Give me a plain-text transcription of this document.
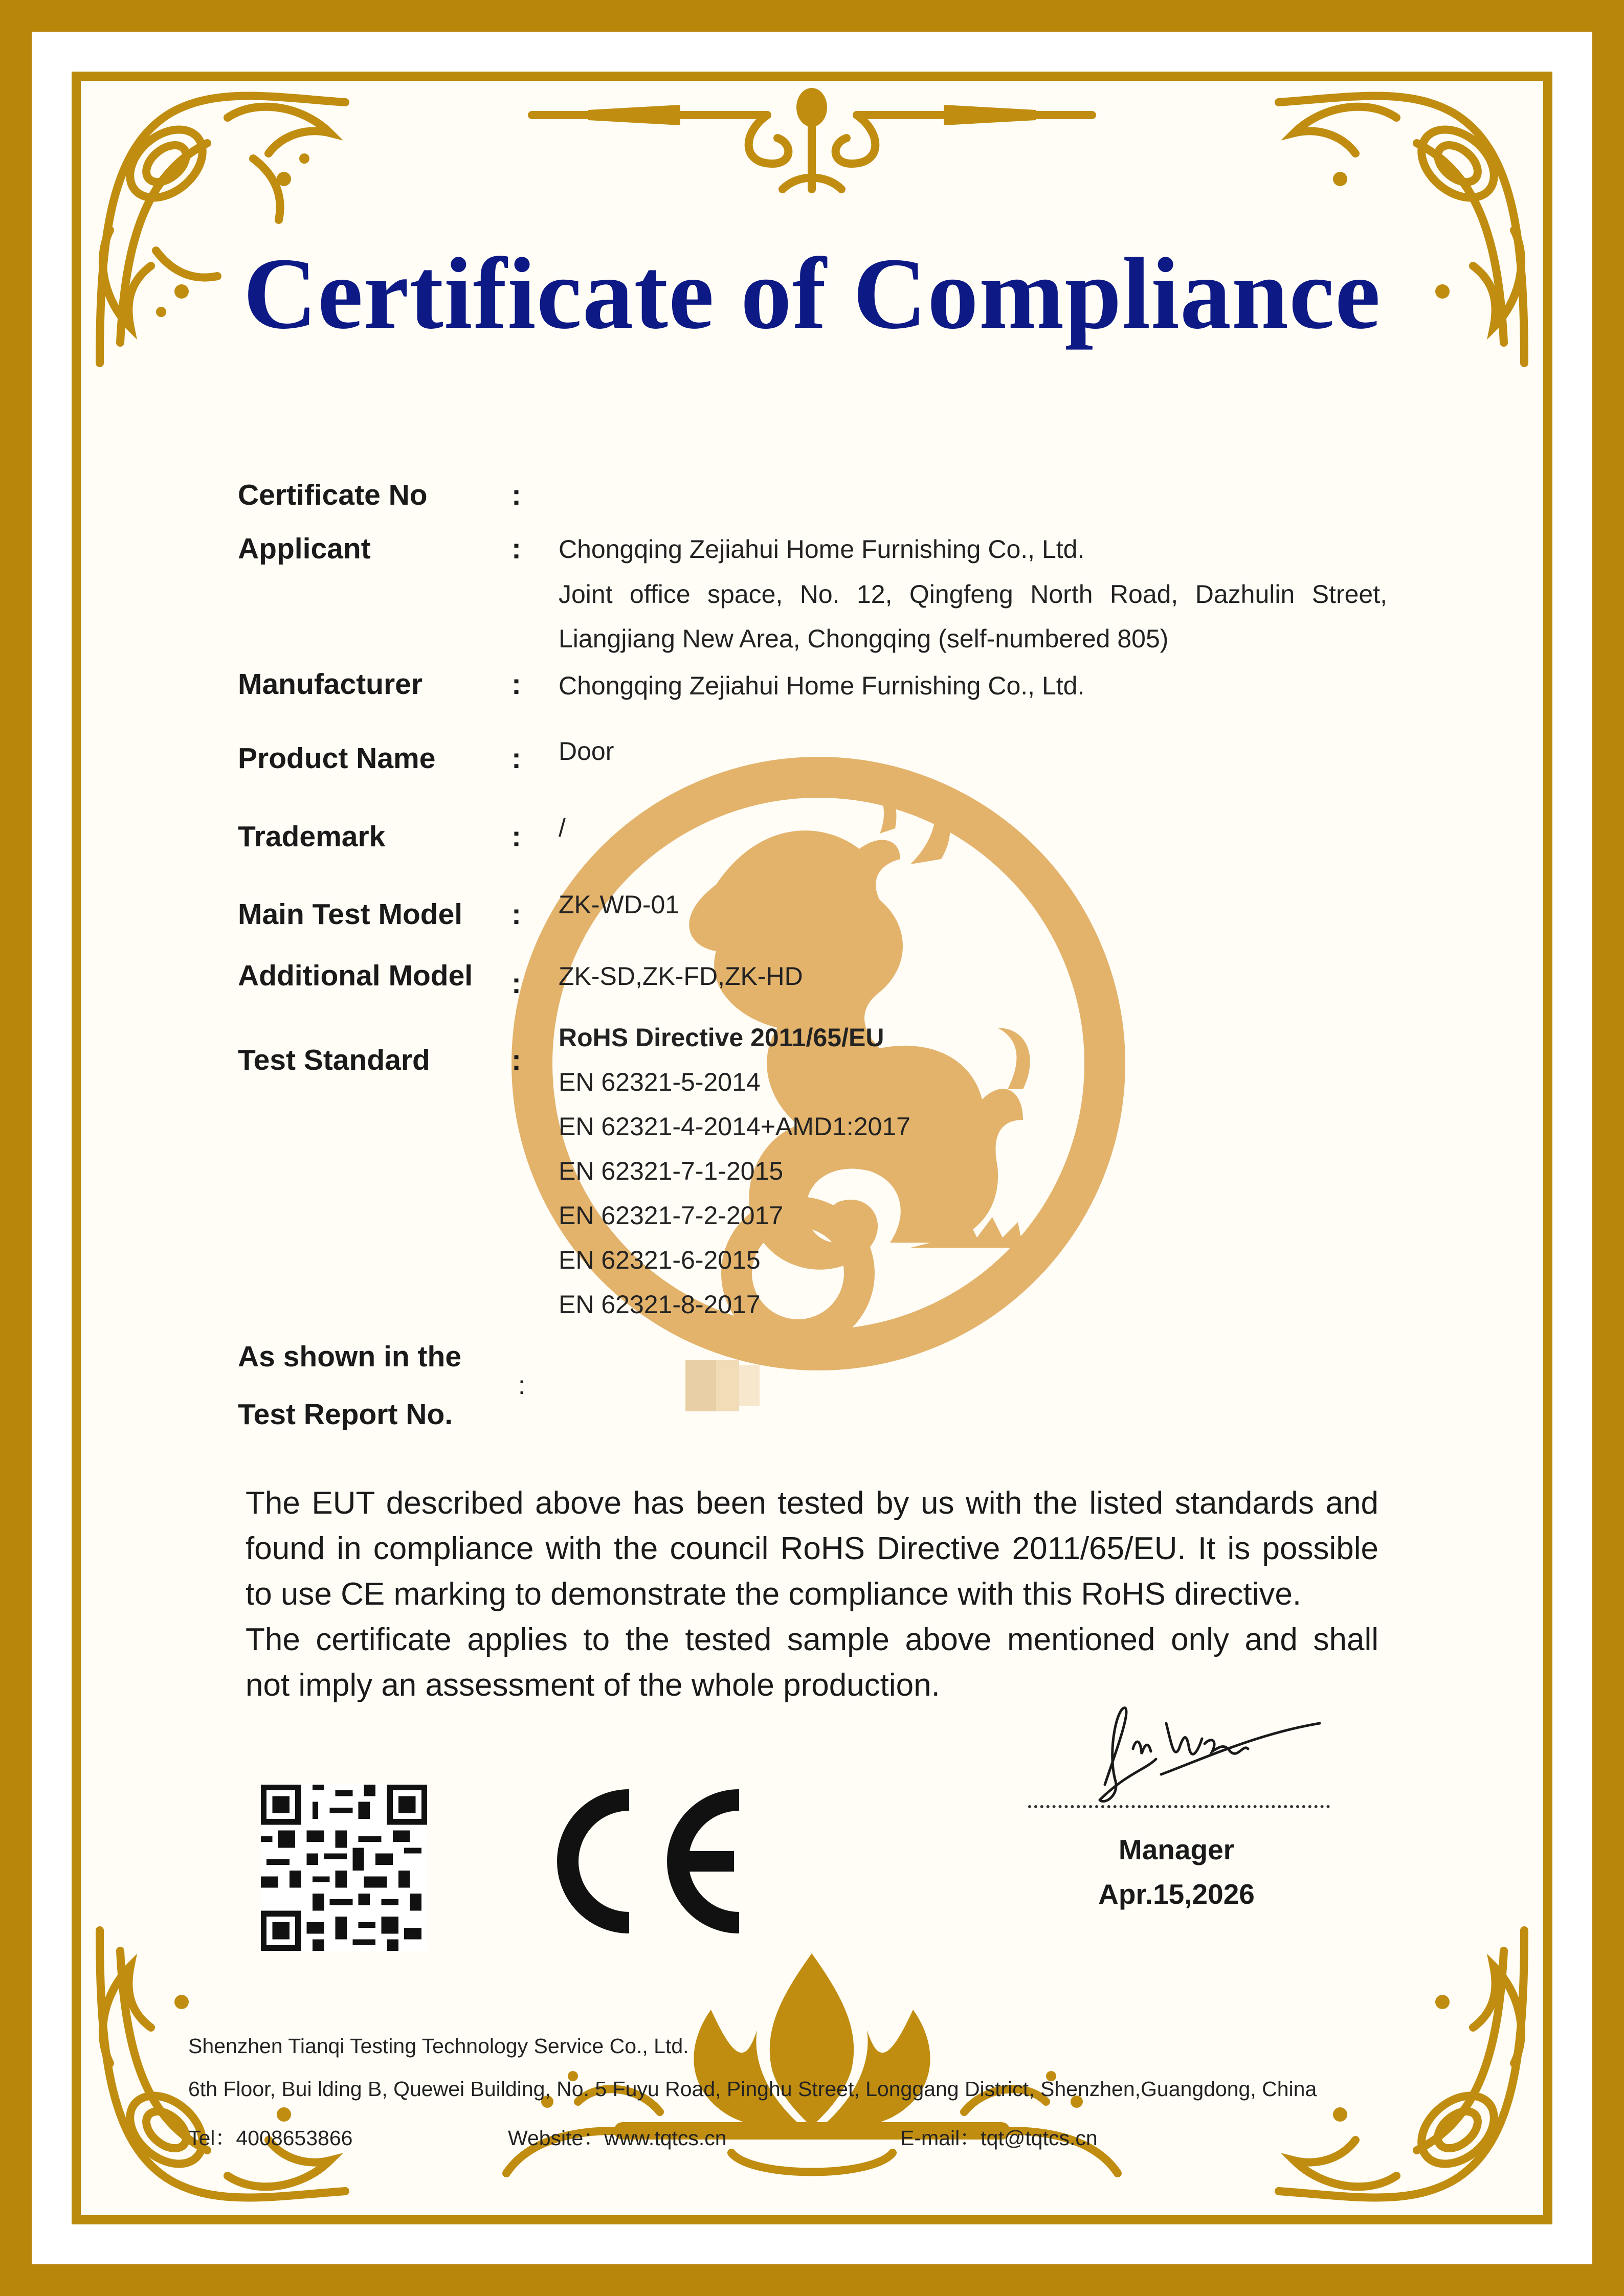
Certificate of Compliance
Certificate No	:
Applicant	: Chongqing Zejiahui Home Furnishing Co., Ltd.
Joint office space, No. 12, Qingfeng North Road, Dazhulin Street,
Liangjiang New Area, Chongqing (self-numbered 805)
Manufacturer	: Chongqing Zejiahui Home Furnishing Co., Ltd.
Product Name	: Door
Trademark	: /
Main Test Model : ZK-WD-01
Additional Model : ZK-SD,ZK-FD,ZK-HD
Test Standard	:
RoHS Directive 2011/65/EU
EN 62321-5-2014
EN 62321-4-2014+AMD1:2017
EN 62321-7-1-2015
EN 62321-7-2-2017
EN 62321-6-2015
EN 62321-8-2017
As shown in the
Test Report No.
:

The EUT described above has been tested by us with the listed standards and

found in compliance with the council RoHS Directive 2011/65/EU. It is possible

to use CE marking to demonstrate the compliance with this RoHS directive.

The certificate applies to the tested sample above mentioned only and shall

not imply an assessment of the whole production.

Manager
Apr.15,2026
Shenzhen Tianqi Testing Technology Service Co., Ltd.
6th Floor, Bui lding B, Quewei Building, No. 5 Fuyu Road, Pinghu Street, Longgang District, Shenzhen,Guangdong, China
Tel：4008653866	Website：www.tqtcs.cn	E-mail：tqt@tqtcs.cn
